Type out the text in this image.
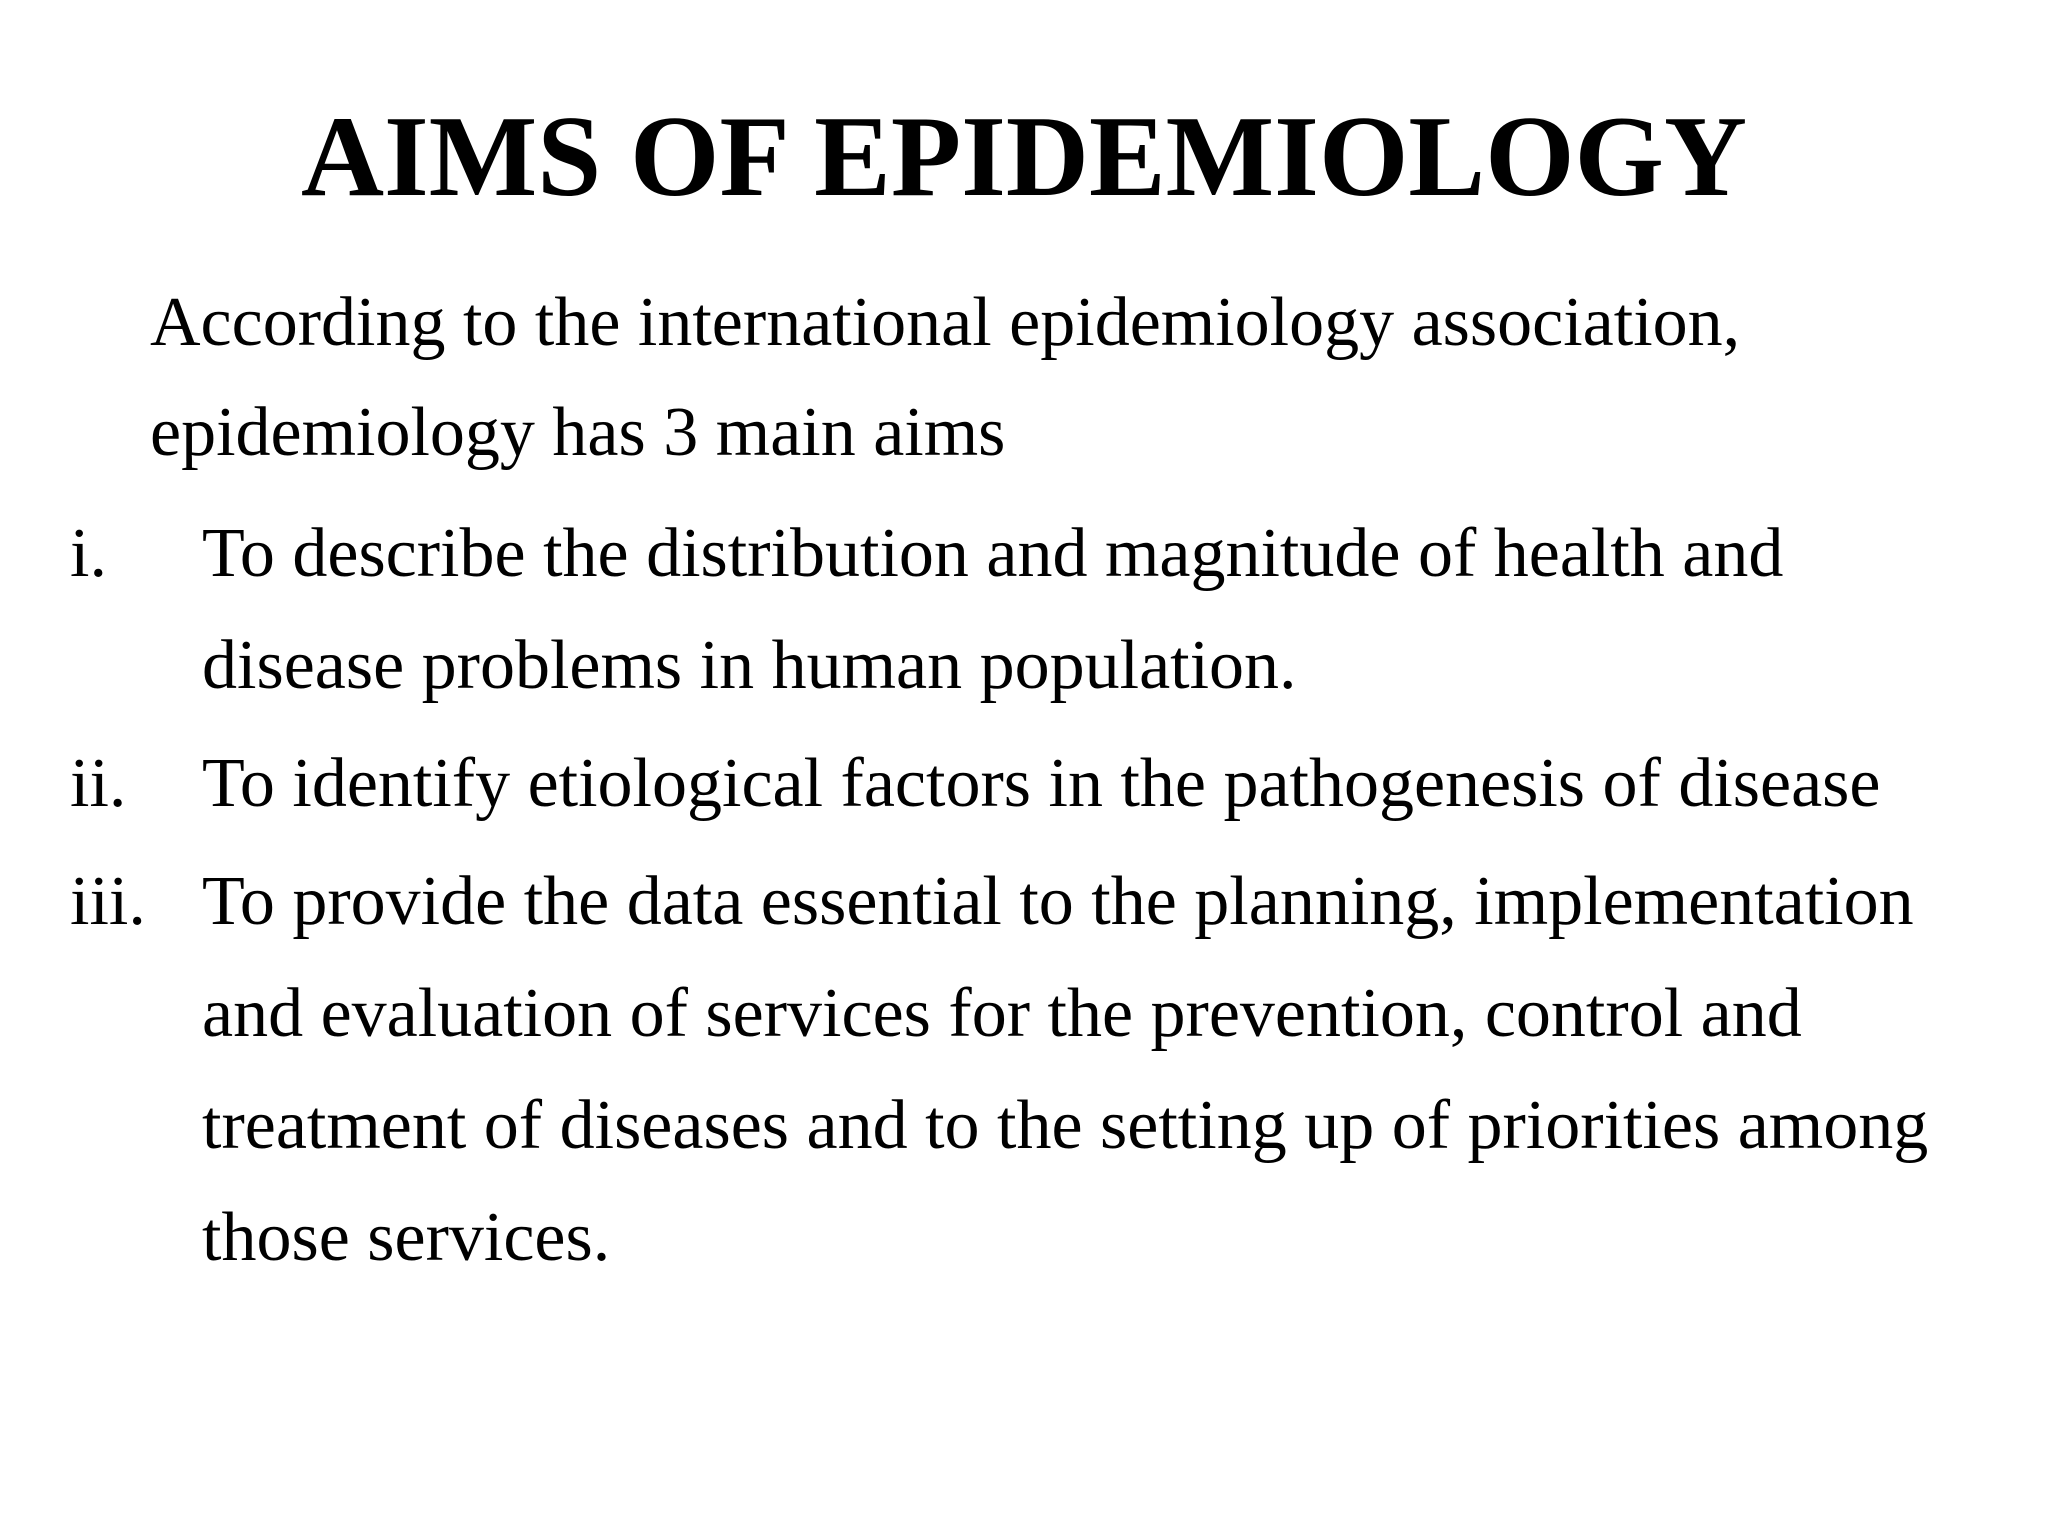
AIMS OF EPIDEMIOLOGY

According to the international epidemiology association, epidemiology has 3 main aims

i. To describe the distribution and magnitude of health and disease problems in human population.
ii. To identify etiological factors in the pathogenesis of disease
iii. To provide the data essential to the planning, implementation and evaluation of services for the prevention, control and treatment of diseases and to the setting up of priorities among those services.
